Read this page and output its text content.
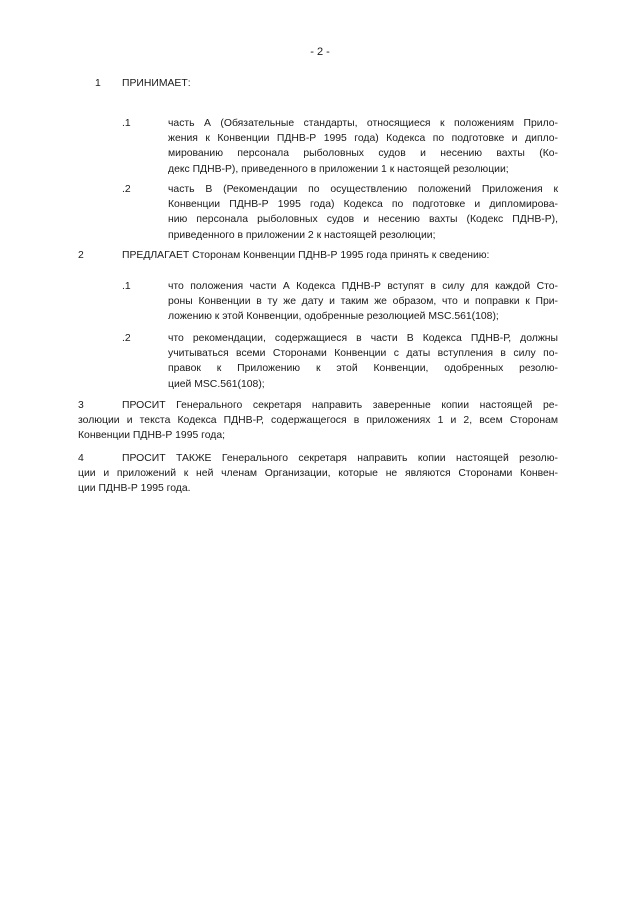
- 2 -
1 ПРИНИМАЕТ:
.1	часть А (Обязательные стандарты, относящиеся к положениям Прило-
жения к Конвенции ПДНВ-Р 1995 года) Кодекса по подготовке и дипло-
мированию персонала рыболовных судов и несению вахты (Ко-
декс ПДНВ-Р), приведенного в приложении 1 к настоящей резолюции;
.2	часть В (Рекомендации по осуществлению положений Приложения к
Конвенции ПДНВ-Р 1995 года) Кодекса по подготовке и дипломирова-
нию персонала рыболовных судов и несению вахты (Кодекс ПДНВ-Р),
приведенного в приложении 2 к настоящей резолюции;
2	ПРЕДЛАГАЕТ Сторонам Конвенции ПДНВ-Р 1995 года принять к сведению:
.1	что положения части А Кодекса ПДНВ-Р вступят в силу для каждой Сто-
роны Конвенции в ту же дату и таким же образом, что и поправки к При-
ложению к этой Конвенции, одобренные резолюцией MSC.561(108);
.2	что рекомендации, содержащиеся в части В Кодекса ПДНВ-Р, должны
учитываться всеми Сторонами Конвенции с даты вступления в силу по-
правок к Приложению к этой Конвенции, одобренных резолю-
цией MSC.561(108);
3	ПРОСИТ Генерального секретаря направить заверенные копии настоящей ре-
золюции и текста Кодекса ПДНВ-Р, содержащегося в приложениях 1 и 2, всем Сторонам
Конвенции ПДНВ-Р 1995 года;
4	ПРОСИТ ТАКЖЕ Генерального секретаря направить копии настоящей резолю-
ции и приложений к ней членам Организации, которые не являются Сторонами Конвен-
ции ПДНВ-Р 1995 года.
